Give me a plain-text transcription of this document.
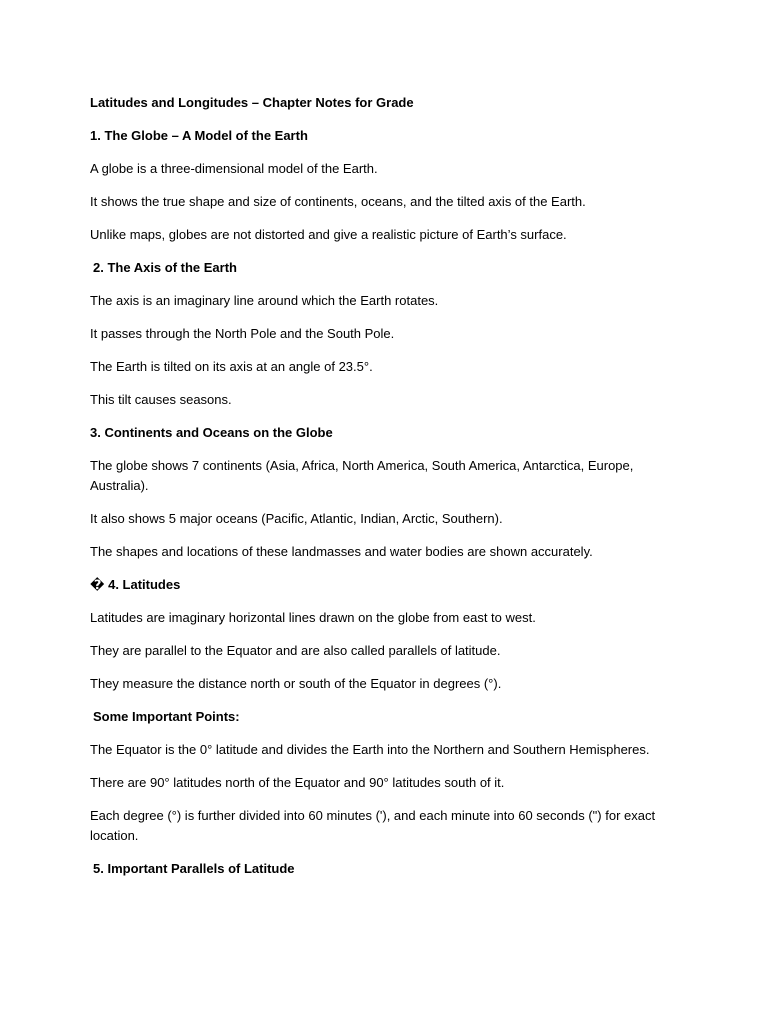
Latitudes and Longitudes – Chapter Notes for Grade

1. The Globe – A Model of the Earth

A globe is a three-dimensional model of the Earth.

It shows the true shape and size of continents, oceans, and the tilted axis of the Earth.

Unlike maps, globes are not distorted and give a realistic picture of Earth’s surface.

2. The Axis of the Earth

The axis is an imaginary line around which the Earth rotates.

It passes through the North Pole and the South Pole.

The Earth is tilted on its axis at an angle of 23.5°.

This tilt causes seasons.

3. Continents and Oceans on the Globe

The globe shows 7 continents (Asia, Africa, North America, South America, Antarctica, Europe, Australia).

It also shows 5 major oceans (Pacific, Atlantic, Indian, Arctic, Southern).

The shapes and locations of these landmasses and water bodies are shown accurately.

� 4. Latitudes

Latitudes are imaginary horizontal lines drawn on the globe from east to west.

They are parallel to the Equator and are also called parallels of latitude.

They measure the distance north or south of the Equator in degrees (°).

Some Important Points:

The Equator is the 0° latitude and divides the Earth into the Northern and Southern Hemispheres.

There are 90° latitudes north of the Equator and 90° latitudes south of it.

Each degree (°) is further divided into 60 minutes ('), and each minute into 60 seconds (") for exact location.

5. Important Parallels of Latitude
